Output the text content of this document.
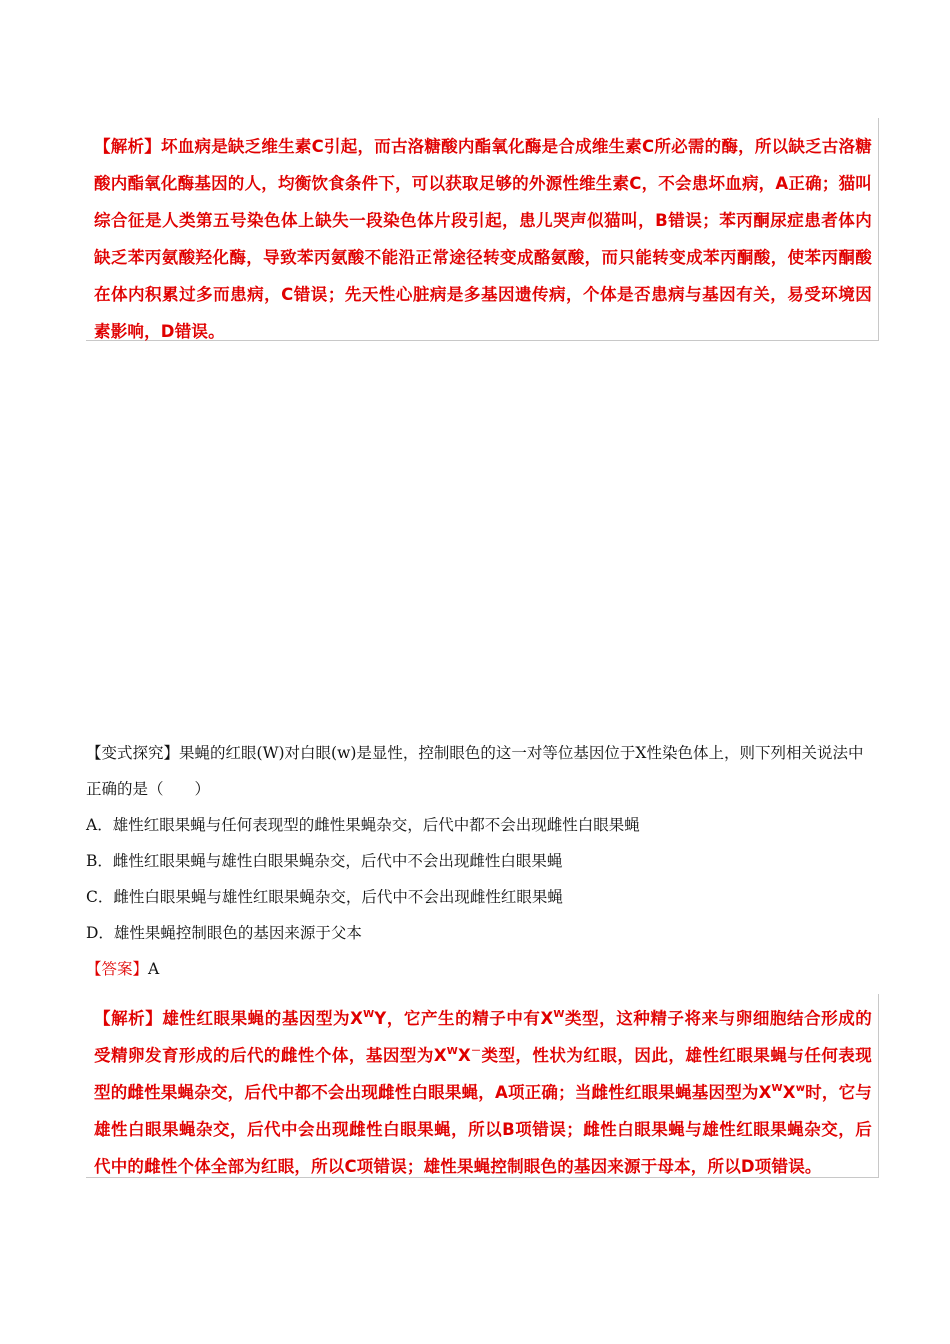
【解析】坏血病是缺乏维生素C引起，而古洛糖酸内酯氧化酶是合成维生素C所必需的酶，所以缺乏古洛糖酸内酯氧化酶基因的人，均衡饮食条件下，可以获取足够的外源性维生素C，不会患坏血病，A正确；猫叫综合征是人类第五号染色体上缺失一段染色体片段引起，患儿哭声似猫叫，B错误；苯丙酮尿症患者体内缺乏苯丙氨酸羟化酶，导致苯丙氨酸不能沿正常途径转变成酪氨酸，而只能转变成苯丙酮酸，使苯丙酮酸在体内积累过多而患病，C错误；先天性心脏病是多基因遗传病，个体是否患病与基因有关，易受环境因素影响，D错误。

【变式探究】果蝇的红眼(W)对白眼(w)是显性，控制眼色的这一对等位基因位于X性染色体上，则下列相关说法中正确的是（　　）

A．雄性红眼果蝇与任何表现型的雌性果蝇杂交，后代中都不会出现雌性白眼果蝇

B．雌性红眼果蝇与雄性白眼果蝇杂交，后代中不会出现雌性白眼果蝇

C．雌性白眼果蝇与雄性红眼果蝇杂交，后代中不会出现雌性红眼果蝇

D．雄性果蝇控制眼色的基因来源于父本

【答案】A

【解析】雄性红眼果蝇的基因型为$X^WY$，它产生的精子中有$X^W$类型，这种精子将来与卵细胞结合形成的受精卵发育形成的后代的雌性个体，基因型为$X^WX^-$类型，性状为红眼，因此，雄性红眼果蝇与任何表现型的雌性果蝇杂交，后代中都不会出现雌性白眼果蝇，A项正确；当雌性红眼果蝇基因型为$X^WX^w$时，它与雄性白眼果蝇杂交，后代中会出现雌性白眼果蝇，所以B项错误；雌性白眼果蝇与雄性红眼果蝇杂交，后代中的雌性个体全部为红眼，所以C项错误；雄性果蝇控制眼色的基因来源于母本，所以D项错误。
